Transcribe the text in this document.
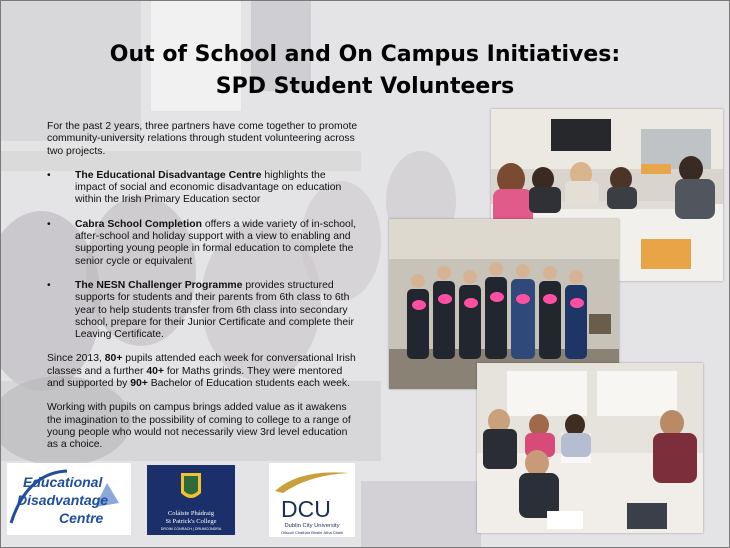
Out of School and On Campus Initiatives:
SPD Student Volunteers

For the past 2 years, three partners have come together to promote community-university relations through student volunteering across two projects.

• The Educational Disadvantage Centre highlights the impact of social and economic disadvantage on education within the Irish Primary Education sector
• Cabra School Completion offers a wide variety of in-school, after-school and holiday support with a view to enabling and supporting young people in formal education to complete the senior cycle or equivalent
• The NESN Challenger Programme provides structured supports for students and their parents from 6th class to 6th year to help students transfer from 6th class into secondary school, prepare for their Junior Certificate and complete their Leaving Certificate.

Since 2013, 80+ pupils attended each week for conversational Irish classes and a further 40+ for Maths grinds. They were mentored and supported by 90+ Bachelor of Education students each week.

Working with pupils on campus brings added value as it awakens the imagination to the possibility of coming to college to a range of young people who would not necessarily view 3rd level education as a choice.

Educational
Disadvantage
Centre	Coláiste Phádraig
St Patrick's College
DROIM CONRACH | DRUMCONDRA
DCU
Dublin City University
Ollscoil Chathair Bhaile Átha Cliath
